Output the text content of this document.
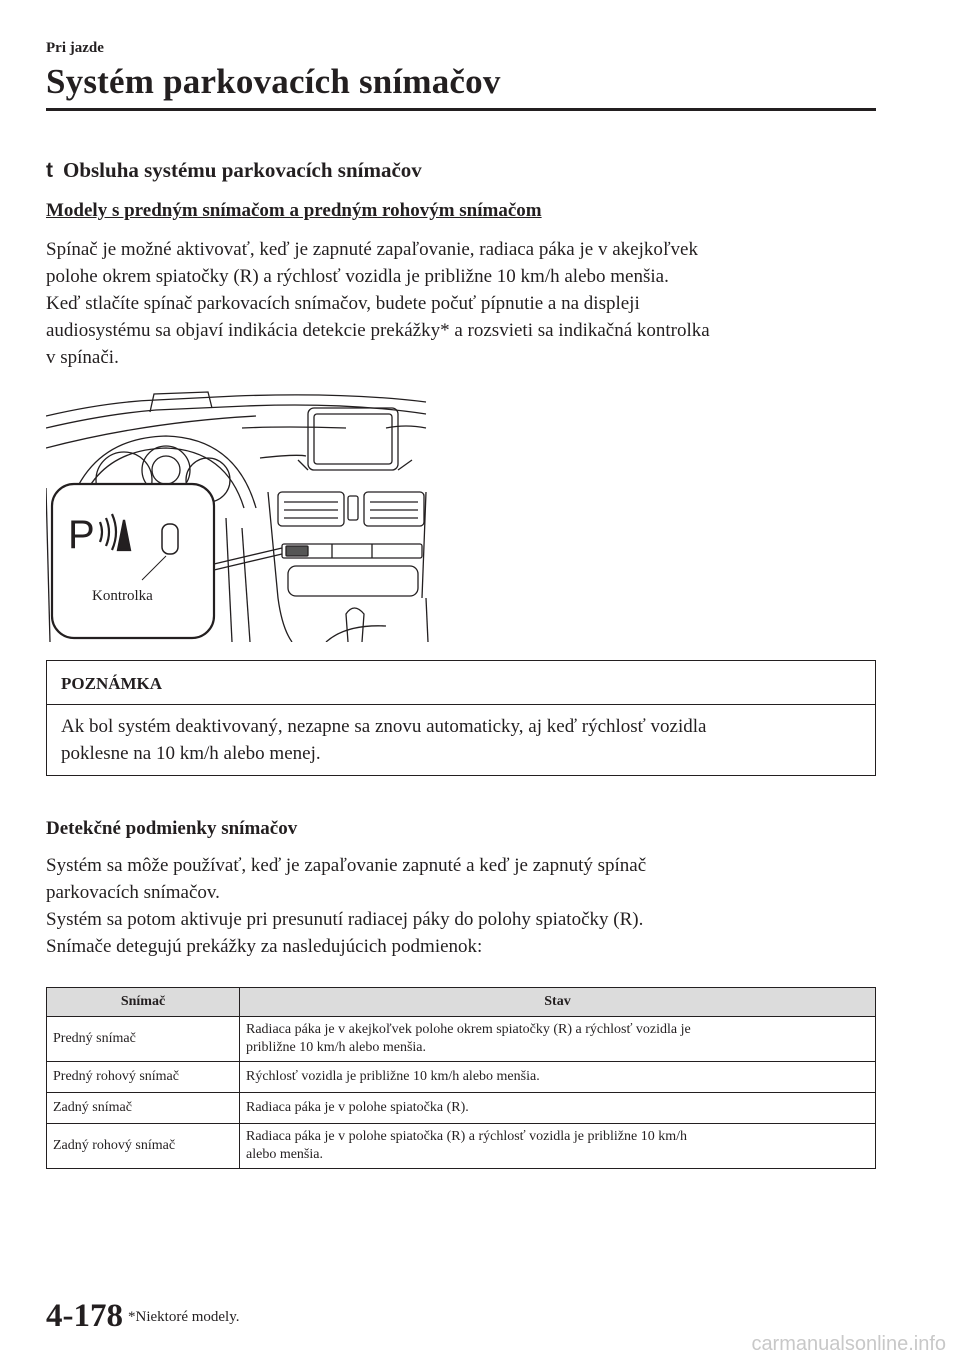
Pri jazde
Systém parkovacích snímačov
t Obsluha systému parkovacích snímačov
Modely s predným snímačom a predným rohovým snímačom

Spínač je možné aktivovať, keď je zapnuté zapaľovanie, radiaca páka je v akejkoľvek
polohe okrem spiatočky (R) a rýchlosť vozidla je približne 10 km/h alebo menšia.
Keď stlačíte spínač parkovacích snímačov, budete počuť pípnutie a na displeji
audiosystému sa objaví indikácia detekcie prekážky* a rozsvieti sa indikačná kontrolka
v spínači.

P
Kontrolka
POZNÁMKA
Ak bol systém deaktivovaný, nezapne sa znovu automaticky, aj keď rýchlosť vozidla
poklesne na 10 km/h alebo menej.
Detekčné podmienky snímačov

Systém sa môže používať, keď je zapaľovanie zapnuté a keď je zapnutý spínač
parkovacích snímačov.
Systém sa potom aktivuje pri presunutí radiacej páky do polohy spiatočky (R).
Snímače detegujú prekážky za nasledujúcich podmienok:

Snímač	Stav
Predný snímač	Radiaca páka je v akejkoľvek polohe okrem spiatočky (R) a rýchlosť vozidla je
približne 10 km/h alebo menšia.
Predný rohový snímač	Rýchlosť vozidla je približne 10 km/h alebo menšia.
Zadný snímač	Radiaca páka je v polohe spiatočka (R).
Zadný rohový snímač	Radiaca páka je v polohe spiatočka (R) a rýchlosť vozidla je približne 10 km/h
alebo menšia.
4-178 *Niektoré modely.
carmanualsonline.info
